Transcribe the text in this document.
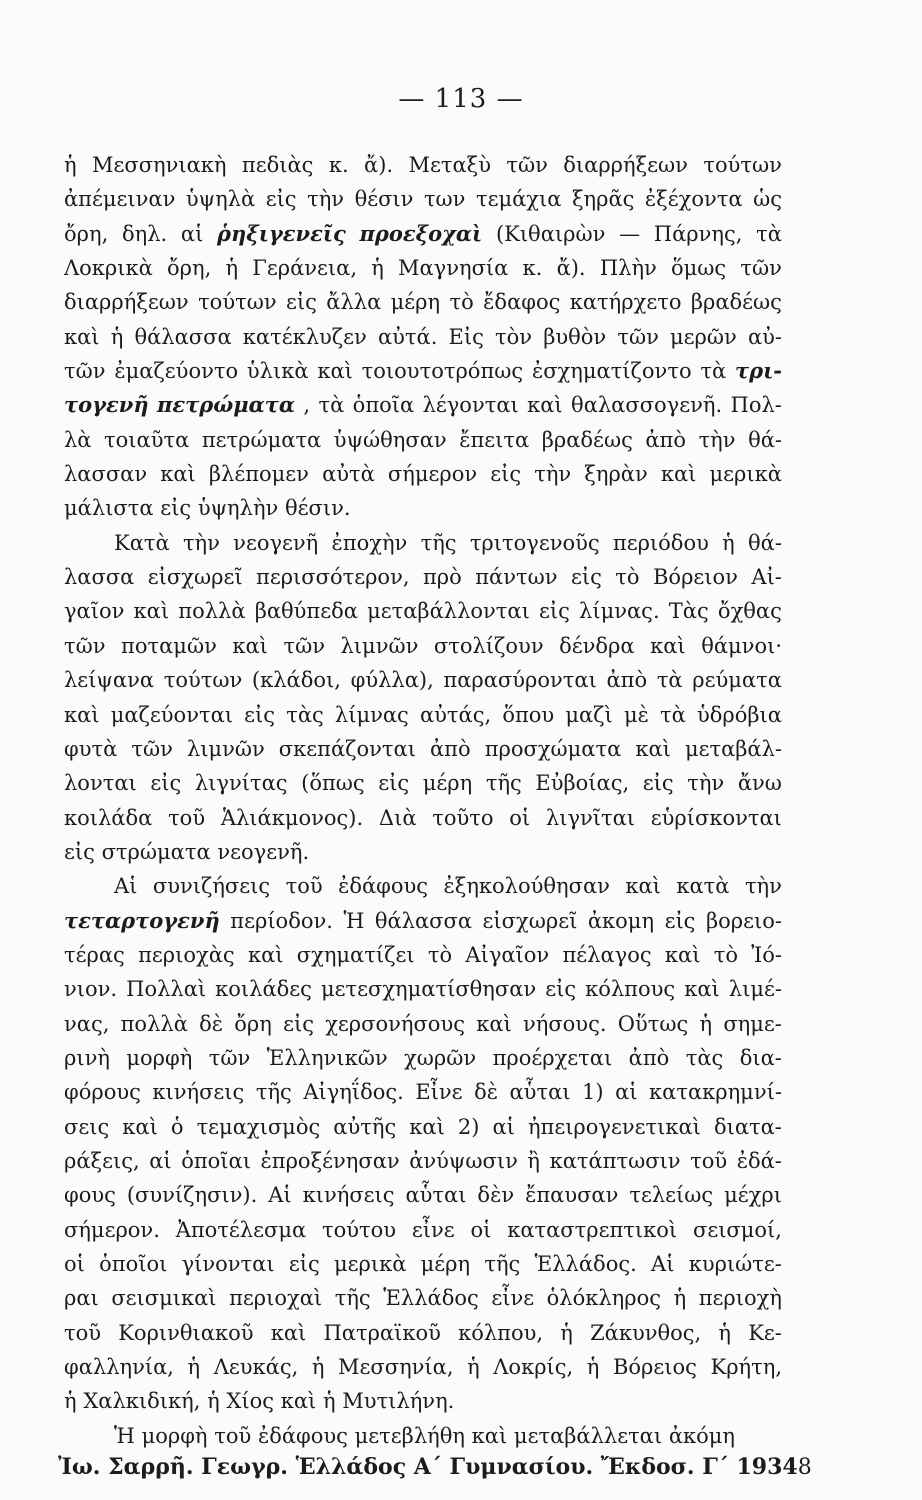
— 113 —
ἡ Μεσσηνιακὴ πεδιὰς κ. ἄ). Μεταξὺ τῶν διαρρήξεων τούτων
ἀπέμειναν ὑψηλὰ εἰς τὴν θέσιν των τεμάχια ξηρᾶς ἐξέχοντα ὡς
ὄρη, δηλ. αἱ ῥηξιγενεῖς προεξοχαὶ (Κιθαιρὼν — Πάρνης, τὰ
Λοκρικὰ ὄρη, ἡ Γεράνεια, ἡ Μαγνησία κ. ἄ). Πλὴν ὅμως τῶν
διαρρήξεων τούτων εἰς ἄλλα μέρη τὸ ἔδαφος κατήρχετο βραδέως
καὶ ἡ θάλασσα κατέκλυζεν αὐτά. Εἰς τὸν βυθὸν τῶν μερῶν αὐ-
τῶν ἐμαζεύοντο ὑλικὰ καὶ τοιουτοτρόπως ἐσχηματίζοντο τὰ τρι-
τογενῆ πετρώματα , τὰ ὁποῖα λέγονται καὶ θαλασσογενῆ. Πολ-
λὰ τοιαῦτα πετρώματα ὑψώθησαν ἔπειτα βραδέως ἀπὸ τὴν θά-
λασσαν καὶ βλέπομεν αὐτὰ σήμερον εἰς τὴν ξηρὰν καὶ μερικὰ
μάλιστα εἰς ὑψηλὴν θέσιν.
Κατὰ τὴν νεογενῆ ἐποχὴν τῆς τριτογενοῦς περιόδου ἡ θά-
λασσα εἰσχωρεῖ περισσότερον, πρὸ πάντων εἰς τὸ Βόρειον Αἰ-
γαῖον καὶ πολλὰ βαθύπεδα μεταβάλλονται εἰς λίμνας. Τὰς ὄχθας
τῶν ποταμῶν καὶ τῶν λιμνῶν στολίζουν δένδρα καὶ θάμνοι·
λείψανα τούτων (κλάδοι, φύλλα), παρασύρονται ἀπὸ τὰ ρεύματα
καὶ μαζεύονται εἰς τὰς λίμνας αὐτάς, ὅπου μαζὶ μὲ τὰ ὑδρόβια
φυτὰ τῶν λιμνῶν σκεπάζονται ἀπὸ προσχώματα καὶ μεταβάλ-
λονται εἰς λιγνίτας (ὅπως εἰς μέρη τῆς Εὐβοίας, εἰς τὴν ἄνω
κοιλάδα τοῦ Ἁλιάκμονος). Διὰ τοῦτο οἱ λιγνῖται εὑρίσκονται
εἰς στρώματα νεογενῆ.
Αἱ συνιζήσεις τοῦ ἐδάφους ἐξηκολούθησαν καὶ κατὰ τὴν
τεταρτογενῆ περίοδον. Ἡ θάλασσα εἰσχωρεῖ ἀκομη εἰς βορειο-
τέρας περιοχὰς καὶ σχηματίζει τὸ Αἰγαῖον πέλαγος καὶ τὸ Ἰό-
νιον. Πολλαὶ κοιλάδες μετεσχηματίσθησαν εἰς κόλπους καὶ λιμέ-
νας, πολλὰ δὲ ὄρη εἰς χερσονήσους καὶ νήσους. Οὕτως ἡ σημε-
ρινὴ μορφὴ τῶν Ἑλληνικῶν χωρῶν προέρχεται ἀπὸ τὰς δια-
φόρους κινήσεις τῆς Αἰγηΐδος. Εἶνε δὲ αὗται 1) αἱ κατακρημνί-
σεις καὶ ὁ τεμαχισμὸς αὐτῆς καὶ 2) αἱ ἠπειρογενετικαὶ διατα-
ράξεις, αἱ ὁποῖαι ἐπροξένησαν ἀνύψωσιν ἢ κατάπτωσιν τοῦ ἐδά-
φους (συνίζησιν). Αἱ κινήσεις αὗται δὲν ἔπαυσαν τελείως μέχρι
σήμερον. Ἀποτέλεσμα τούτου εἶνε οἱ καταστρεπτικοὶ σεισμοί,
οἱ ὁποῖοι γίνονται εἰς μερικὰ μέρη τῆς Ἑλλάδος. Αἱ κυριώτε-
ραι σεισμικαὶ περιοχαὶ τῆς Ἑλλάδος εἶνε ὁλόκληρος ἡ περιοχὴ
τοῦ Κορινθιακοῦ καὶ Πατραϊκοῦ κόλπου, ἡ Ζάκυνθος, ἡ Κε-
φαλληνία, ἡ Λευκάς, ἡ Μεσσηνία, ἡ Λοκρίς, ἡ Βόρειος Κρήτη,
ἡ Χαλκιδική, ἡ Χίος καὶ ἡ Μυτιλήνη.
Ἡ μορφὴ τοῦ ἐδάφους μετεβλήθη καὶ μεταβάλλεται ἀκόμη
Ἰω. Σαρρῆ. Γεωγρ. Ἑλλάδος Α΄ Γυμνασίου. Ἔκδοσ. Γ΄ 1934 8
